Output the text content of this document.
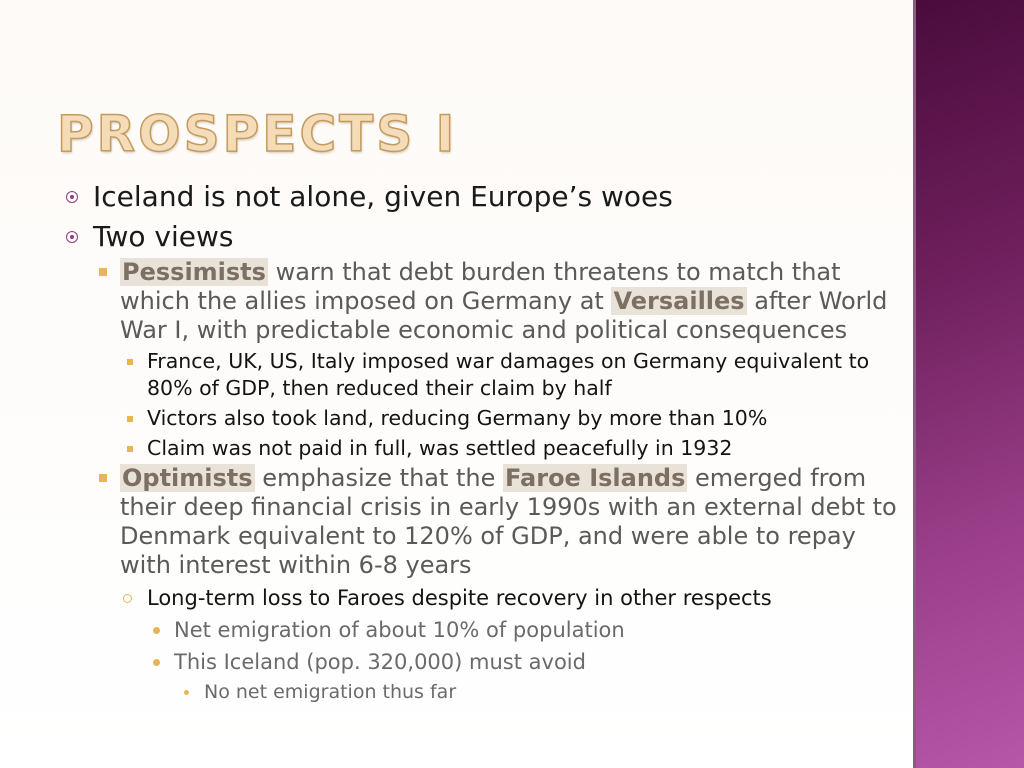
PROSPECTS I
Iceland is not alone, given Europe’s woes
Two views
Pessimists warn that debt burden threatens to match that which the allies imposed on Germany at Versailles after World War I, with predictable economic and political consequences
France, UK, US, Italy imposed war damages on Germany equivalent to 80% of GDP, then reduced their claim by half
Victors also took land, reducing Germany by more than 10%
Claim was not paid in full, was settled peacefully in 1932
Optimists emphasize that the Faroe Islands emerged from their deep financial crisis in early 1990s with an external debt to Denmark equivalent to 120% of GDP, and were able to repay with interest within 6-8 years
Long-term loss to Faroes despite recovery in other respects
Net emigration of about 10% of population
This Iceland (pop. 320,000) must avoid
No net emigration thus far
